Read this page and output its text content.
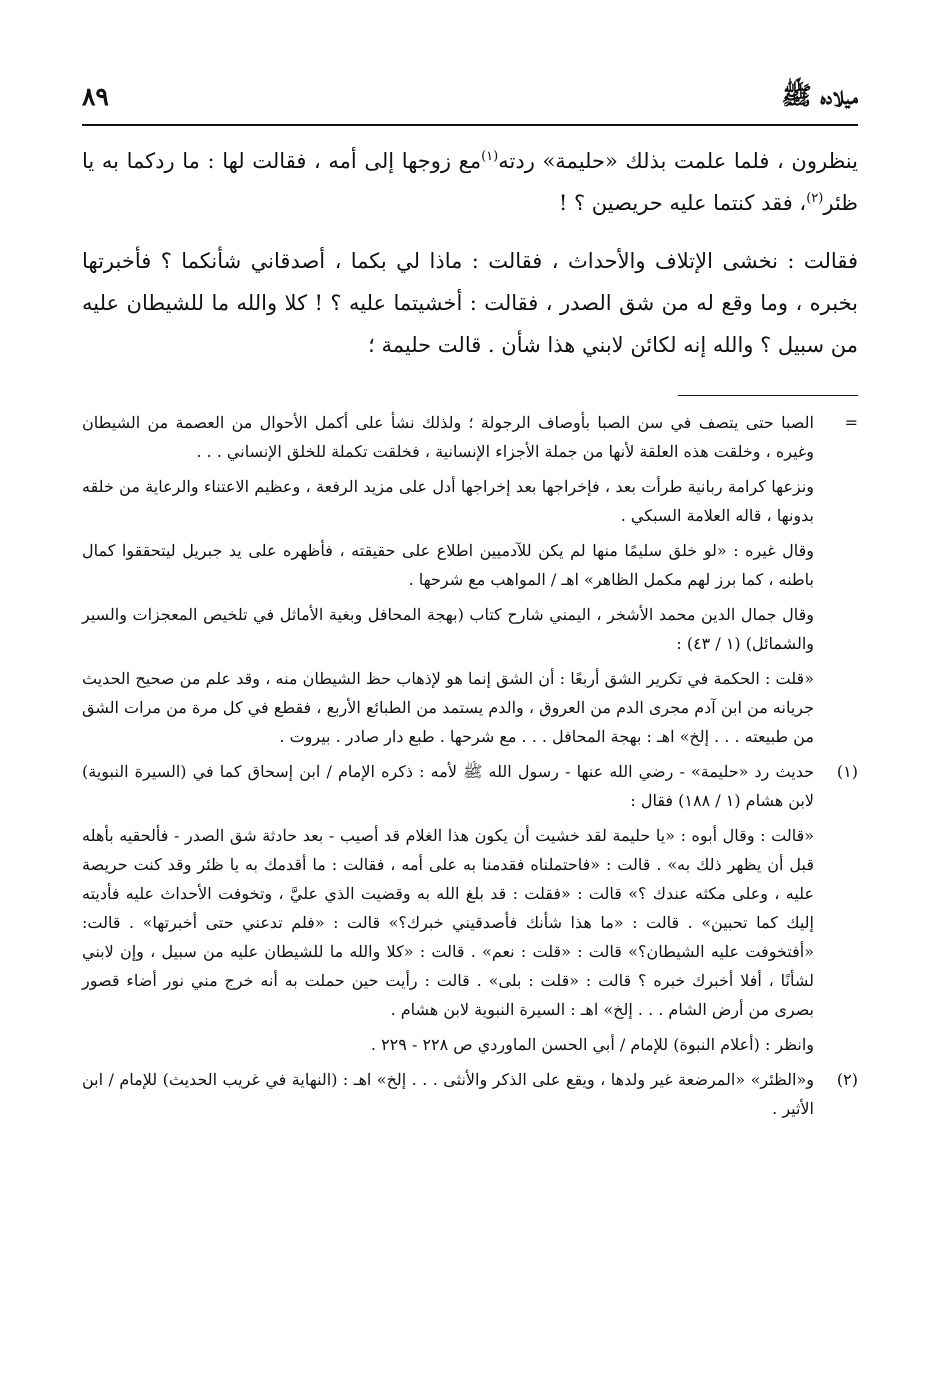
٨٩	ميلاده ﷺ

ينظرون ، فلما علمت بذلك «حليمة» ردته$^{(١)}$مع زوجها إلى أمه ، فقالت لها : ما ردكما به يا ظئر$^{(٢)}$، فقد كنتما عليه حريصين ؟ !

فقالت : نخشى الإتلاف والأحداث ، فقالت : ماذا لي بكما ، أصدقاني شأنكما ؟ فأخبرتها بخبره ، وما وقع له من شق الصدر ، فقالت : أخشيتما عليه ؟ ! كلا والله ما للشيطان عليه من سبيل ؟ والله إنه لكائن لابني هذا شأن . قالت حليمة ؛

=

الصبا حتى يتصف في سن الصبا بأوصاف الرجولة ؛ ولذلك نشأ على أكمل الأحوال من العصمة من الشيطان وغيره ، وخلقت هذه العلقة لأنها من جملة الأجزاء الإنسانية ، فخلقت تكملة للخلق الإنساني . . .

ونزعها كرامة ربانية طرأت بعد ، فإخراجها بعد إخراجها أدل على مزيد الرفعة ، وعظيم الاعتناء والرعاية من خلقه بدونها ، قاله العلامة السبكي .

وقال غيره : «لو خلق سليمًا منها لم يكن للآدميين اطلاع على حقيقته ، فأظهره على يد جبريل ليتحققوا كمال باطنه ، كما برز لهم مكمل الظاهر» اهـ / المواهب مع شرحها .

وقال جمال الدين محمد الأشخر ، اليمني شارح كتاب (بهجة المحافل وبغية الأماثل في تلخيص المعجزات والسير والشمائل) (١ / ٤٣) :

«قلت : الحكمة في تكرير الشق أربعًا : أن الشق إنما هو لإذهاب حظ الشيطان منه ، وقد علم من صحيح الحديث جريانه من ابن آدم مجرى الدم من العروق ، والدم يستمد من الطبائع الأربع ، فقطع في كل مرة من مرات الشق من طبيعته . . . إلخ» اهـ : بهجة المحافل . . . مع شرحها . طبع دار صادر . بيروت .

(١)

حديث رد «حليمة» - رضي الله عنها - رسول الله ﷺ لأمه : ذكره الإمام / ابن إسحاق كما في (السيرة النبوية) لابن هشام (١ / ١٨٨) فقال :

«قالت : وقال أبوه : «يا حليمة لقد خشيت أن يكون هذا الغلام قد أصيب - بعد حادثة شق الصدر - فألحقيه بأهله قبل أن يظهر ذلك به» . قالت : «فاحتملناه فقدمنا به على أمه ، فقالت : ما أقدمك به يا ظئر وقد كنت حريصة عليه ، وعلى مكثه عندك ؟» قالت : «فقلت : قد بلغ الله به وقضيت الذي عليَّ ، وتخوفت الأحداث عليه فأديته إليك كما تحبين» . قالت : «ما هذا شأنك فأصدقيني خبرك؟» قالت : «فلم تدعني حتى أخبرتها» . قالت: «أفتخوفت عليه الشيطان؟» قالت : «قلت : نعم» . قالت : «كلا والله ما للشيطان عليه من سبيل ، وإن لابني لشأنًا ، أفلا أخبرك خبره ؟ قالت : «قلت : بلى» . قالت : رأيت حين حملت به أنه خرج مني نور أضاء قصور بصرى من أرض الشام . . . إلخ» اهـ : السيرة النبوية لابن هشام .

وانظر : (أعلام النبوة) للإمام / أبي الحسن الماوردي ص ٢٢٨ - ٢٢٩ .

(٢)

و«الظئر» «المرضعة غير ولدها ، ويقع على الذكر والأنثى . . . إلخ» اهـ : (النهاية في غريب الحديث) للإمام / ابن الأثير .
